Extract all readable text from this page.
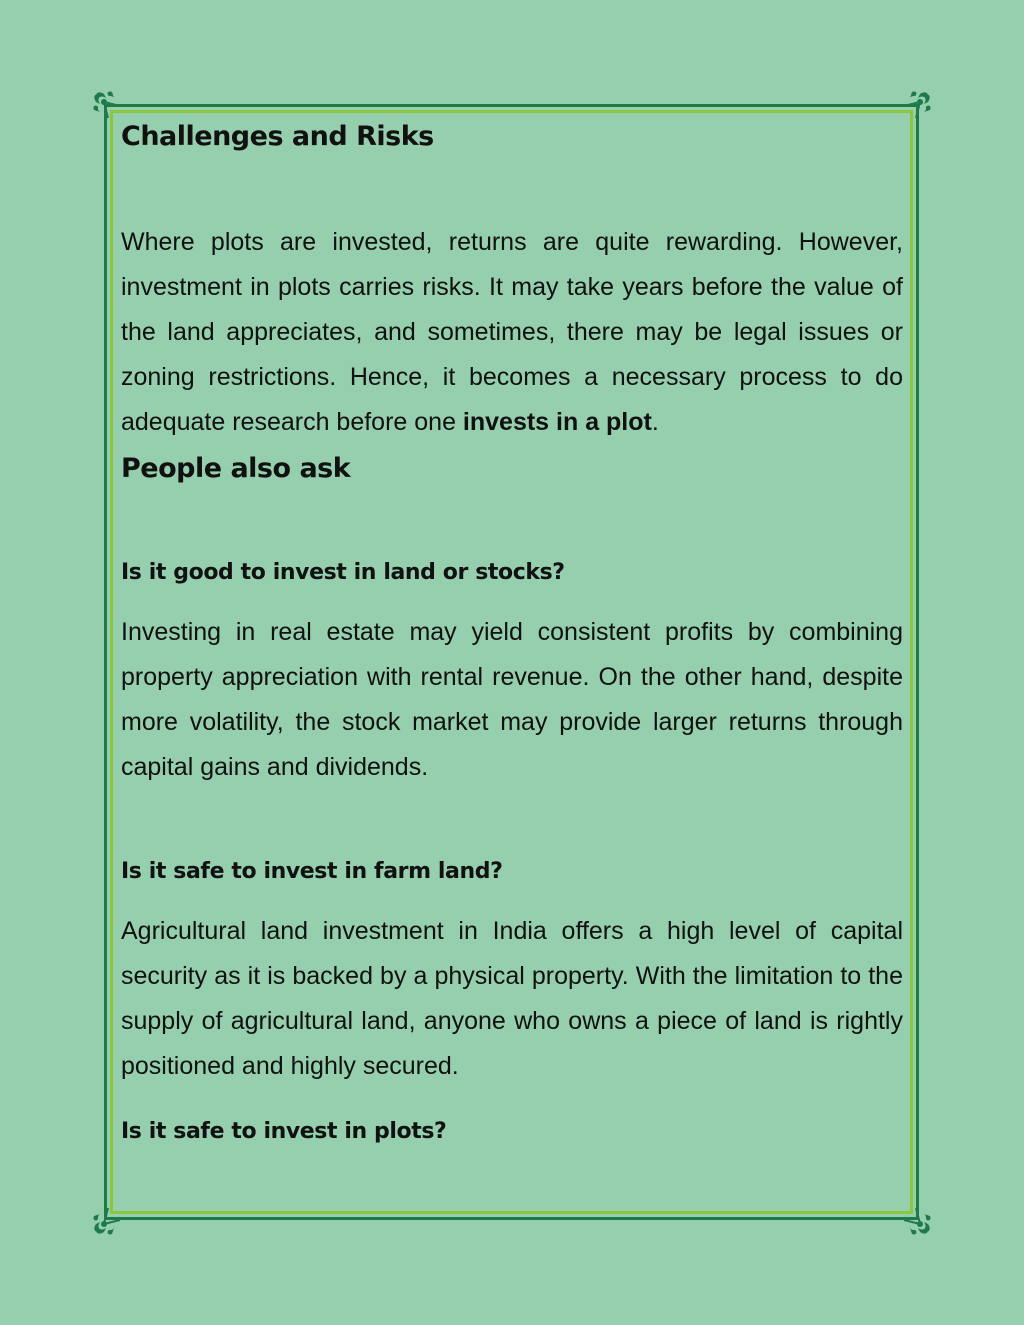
Challenges and Risks

Where plots are invested, returns are quite rewarding. However, investment in plots carries risks. It may take years before the value of the land appreciates, and sometimes, there may be legal issues or zoning restrictions. Hence, it becomes a necessary process to do adequate research before one invests in a plot.

People also ask
Is it good to invest in land or stocks?

Investing in real estate may yield consistent profits by combining property appreciation with rental revenue. On the other hand, despite more volatility, the stock market may provide larger returns through capital gains and dividends.

Is it safe to invest in farm land?

Agricultural land investment in India offers a high level of capital security as it is backed by a physical property. With the limitation to the supply of agricultural land, anyone who owns a piece of land is rightly positioned and highly secured.

Is it safe to invest in plots?
